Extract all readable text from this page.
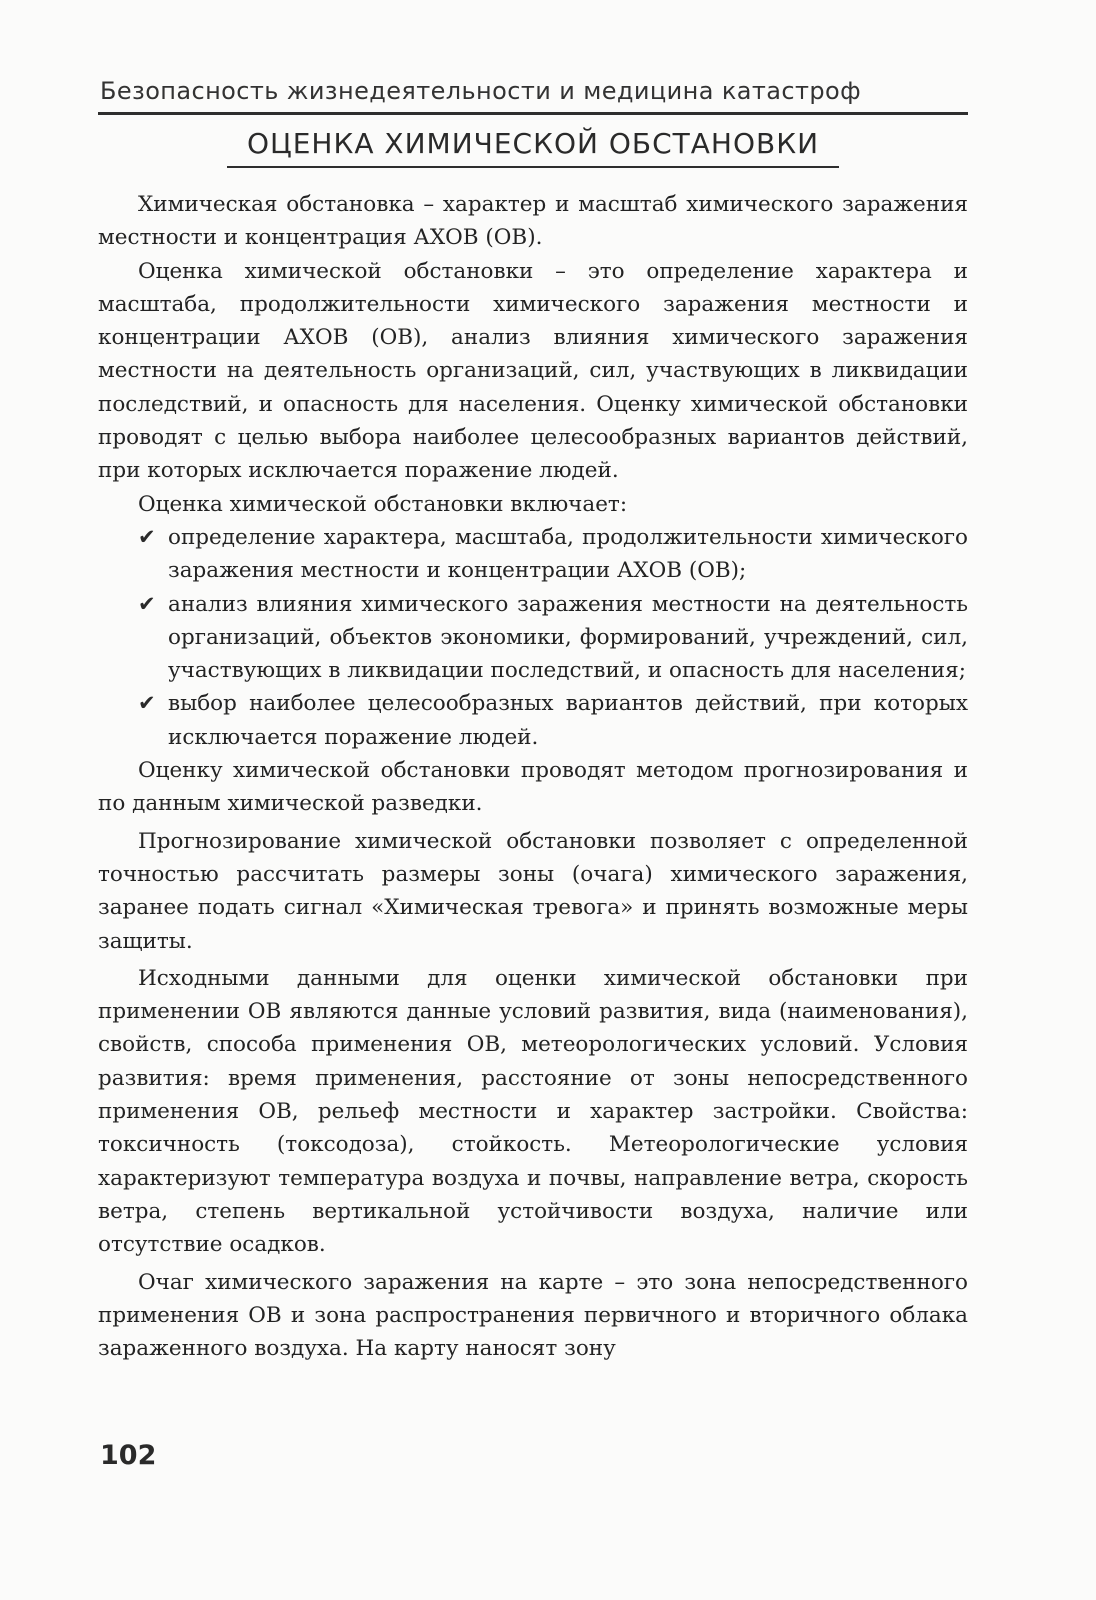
Безопасность жизнедеятельности и медицина катастроф
ОЦЕНКА ХИМИЧЕСКОЙ ОБСТАНОВКИ

Химическая обстановка – характер и масштаб химического заражения местности и концентрация АХОВ (ОВ).

Оценка химической обстановки – это определение характера и масштаба, продолжительности химического заражения местности и концентрации АХОВ (ОВ), анализ влияния химического заражения местности на деятельность организаций, сил, участвующих в ликвидации последствий, и опасность для населения. Оценку химической обстановки проводят с целью выбора наиболее целесообразных вариантов действий, при которых исключается поражение людей.

Оценка химической обстановки включает:

✔ определение характера, масштаба, продолжительности химического заражения местности и концентрации АХОВ (ОВ);
✔ анализ влияния химического заражения местности на деятельность организаций, объектов экономики, формирований, учреждений, сил, участвующих в ликвидации последствий, и опасность для населения;
✔ выбор наиболее целесообразных вариантов действий, при которых исключается поражение людей.

Оценку химической обстановки проводят методом прогнозирования и по данным химической разведки.

Прогнозирование химической обстановки позволяет с определенной точностью рассчитать размеры зоны (очага) химического заражения, заранее подать сигнал «Химическая тревога» и принять возможные меры защиты.

Исходными данными для оценки химической обстановки при применении ОВ являются данные условий развития, вида (наименования), свойств, способа применения ОВ, метеорологических условий. Условия развития: время применения, расстояние от зоны непосредственного применения ОВ, рельеф местности и характер застройки. Свойства: токсичность (токсодоза), стойкость. Метеорологические условия характеризуют температура воздуха и почвы, направление ветра, скорость ветра, степень вертикальной устойчивости воздуха, наличие или отсутствие осадков.

Очаг химического заражения на карте – это зона непосредственного применения ОВ и зона распространения первичного и вторичного облака зараженного воздуха. На карту наносят зону

102
